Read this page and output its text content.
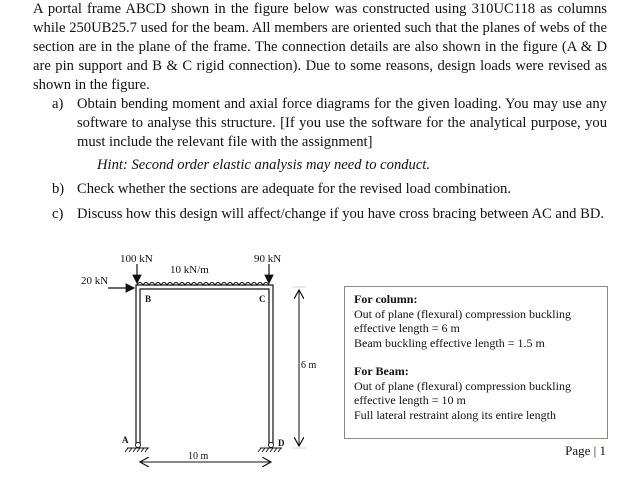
A portal frame ABCD shown in the figure below was constructed using 310UC118 as columns while 250UB25.7 used for the beam. All members are oriented such that the planes of webs of the section are in the plane of the frame. The connection details are also shown in the figure (A & D are pin support and B & C rigid connection). Due to some reasons, design loads were revised as shown in the figure.

a) Obtain bending moment and axial force diagrams for the given loading. You may use any software to analyse this structure. [If you use the software for the analytical purpose, you must include the relevant file with the assignment]
Hint: Second order elastic analysis may need to conduct.
b) Check whether the sections are adequate for the revised load combination.
c) Discuss how this design will affect/change if you have cross bracing between AC and BD.
100 kN	90 kN
10 kN/m
20 kN
B	C
A	D
6 m
10 m
For column:
Out of plane (flexural) compression buckling
effective length = 6 m
Beam buckling effective length = 1.5 m
For Beam:
Out of plane (flexural) compression buckling
effective length = 10 m
Full lateral restraint along its entire length
Page | 1
